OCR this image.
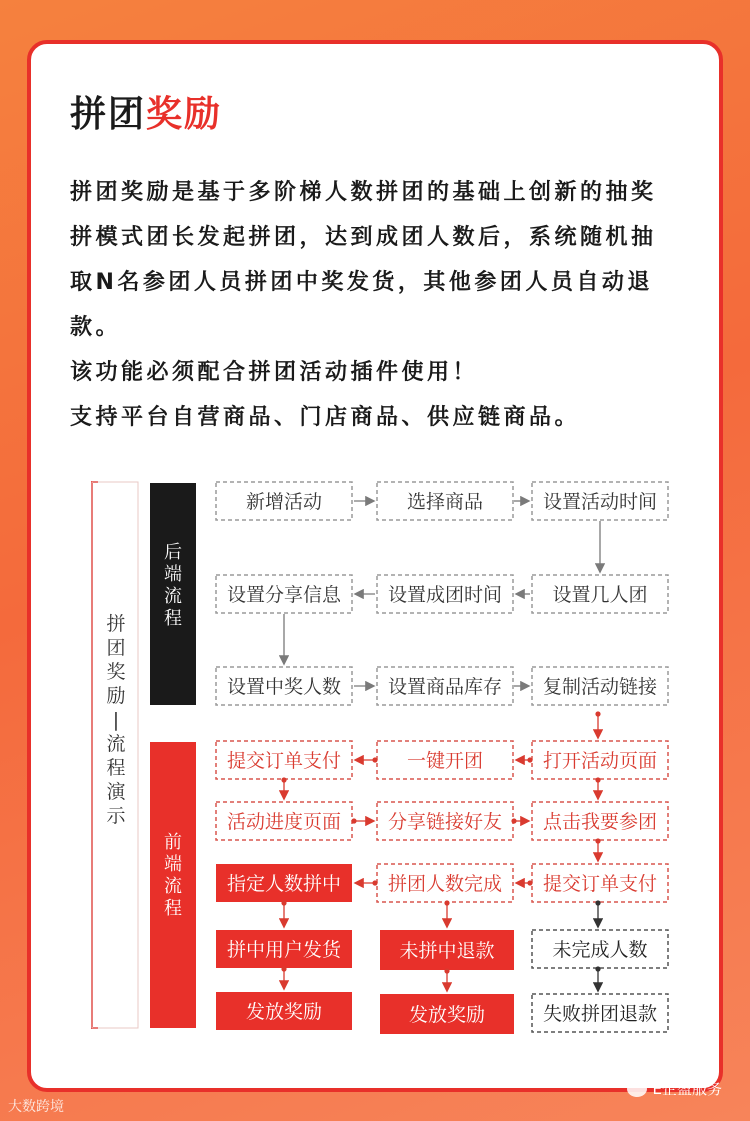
拼团奖励

拼团奖励是基于多阶梯人数拼团的基础上创新的抽奖
拼模式团长发起拼团，达到成团人数后，系统随机抽
取N名参团人员拼团中奖发货，其他参团人员自动退
款。
该功能必须配合拼团活动插件使用！
支持平台自营商品、门店商品、供应链商品。

拼团奖励|流程演示
后端流程
前端流程
新增活动	选择商品	设置活动时间
设置分享信息 设置成团时间	设置几人团
设置中奖人数 设置商品库存 复制活动链接
提交订单支付	一键开团	打开活动页面
活动进度页面 分享链接好友 点击我要参团
指定人数拼中 拼团人数完成 提交订单支付
拼中用户发货	未拼中退款	未完成人数
发放奖励	发放奖励	失败拼团退款
大数跨境
E企盈服务
